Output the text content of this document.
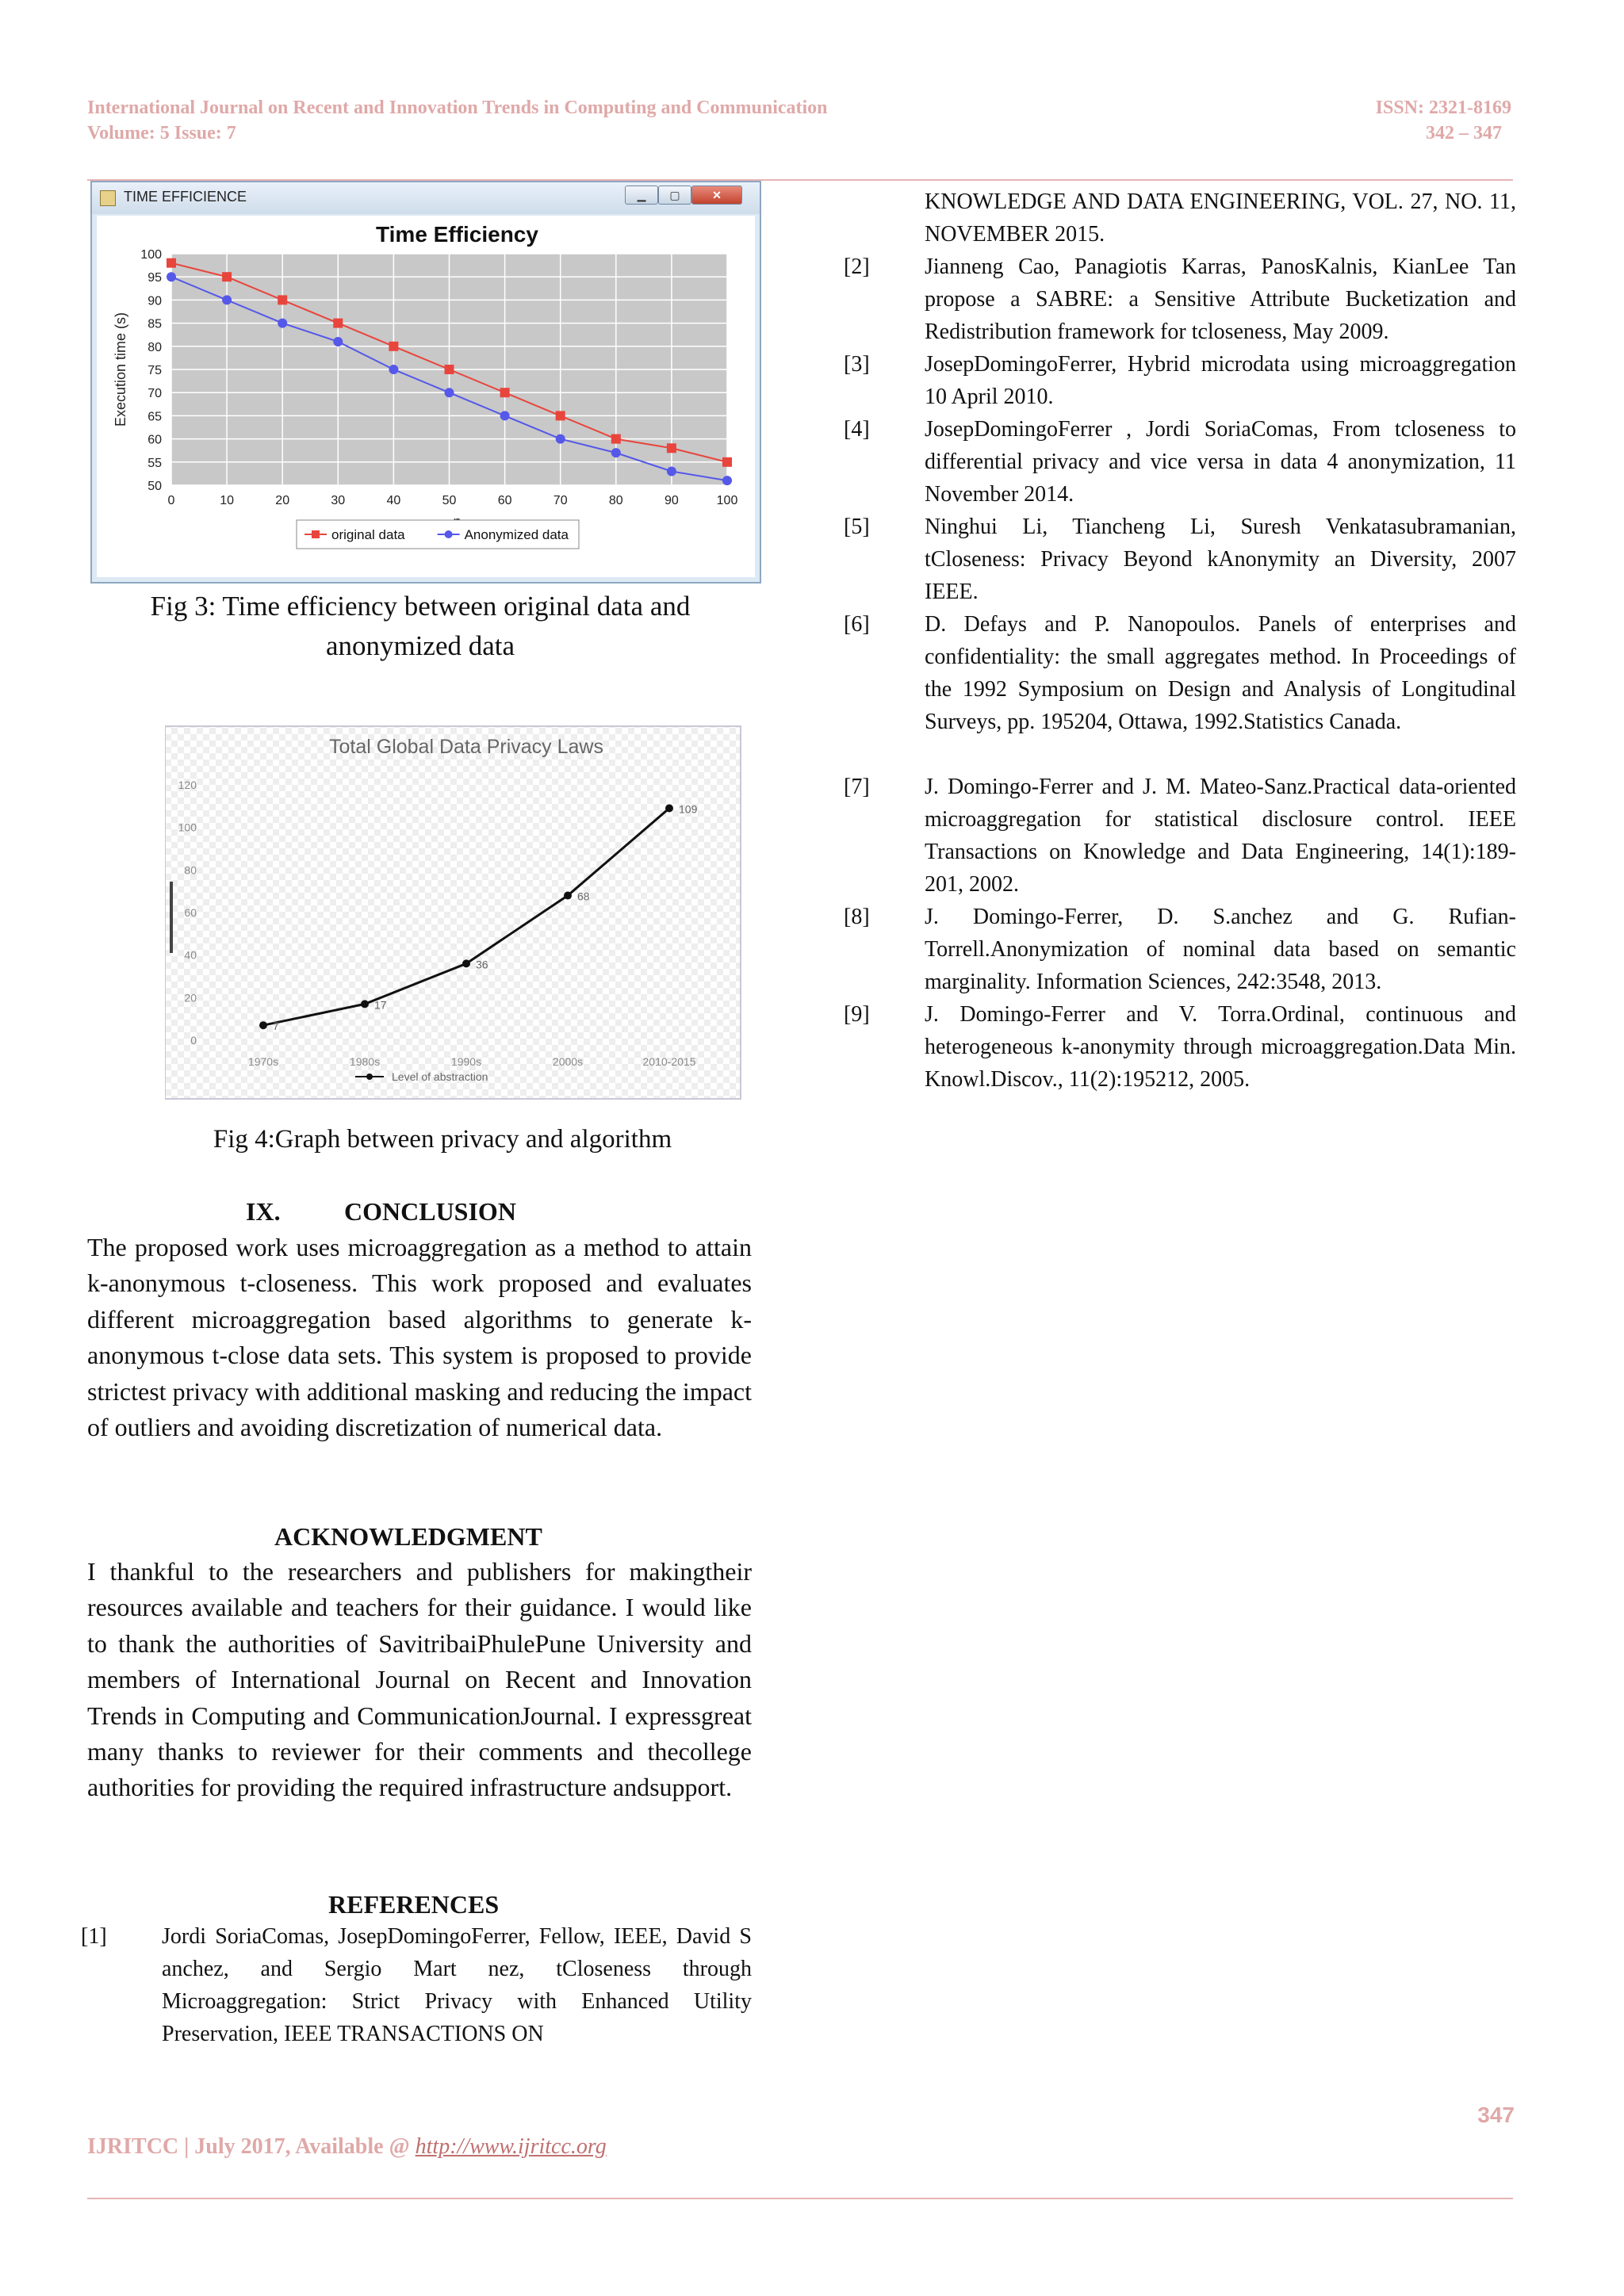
International Journal on Recent and Innovation Trends in Computing and Communication
Volume: 5 Issue: 7
ISSN: 2321-8169
342 – 347
TIME EFFICIENCE	▁	▢	✕
50
55
60
65
70
75
80
85
90
95
100
0	10	20	30	40	50	60	70	80	90	100
Time Efficiency
Execution time (s)
original data	Anonymized data
Fig 3: Time efficiency between original data and anonymized data
Total Global Data Privacy Laws
0
20
40
60
80
100
120
1970s	1980s	1990s	2000s	2010-2015
7
17
36
68
109
Level of abstraction
Fig 4:Graph between privacy and algorithm
IX.	CONCLUSION
The proposed work uses microaggregation as a method to attain k-anonymous t-closeness. This work proposed and evaluates different microaggregation based algorithms to generate k- anonymous t-close data sets. This system is proposed to provide strictest privacy with additional masking and reducing the impact of outliers and avoiding discretization of numerical data.
ACKNOWLEDGMENT
I thankful to the researchers and publishers for makingtheir resources available and teachers for their guidance. I would like to thank the authorities of SavitribaiPhulePune University and members of International Journal on Recent and Innovation Trends in Computing and CommunicationJournal. I expressgreat many thanks to reviewer for their comments and thecollege authorities for providing the required infrastructure andsupport.
REFERENCES
[1] Jordi SoriaComas, JosepDomingoFerrer, Fellow, IEEE, David S anchez, and Sergio Mart nez, tCloseness through Microaggregation: Strict Privacy with Enhanced Utility Preservation, IEEE TRANSACTIONS ON
KNOWLEDGE AND DATA ENGINEERING, VOL. 27, NO. 11, NOVEMBER 2015.
[2] Jianneng Cao, Panagiotis Karras, PanosKalnis, KianLee Tan propose a SABRE: a Sensitive Attribute Bucketization and Redistribution framework for tcloseness, May 2009.
[3] JosepDomingoFerrer, Hybrid microdata using microaggregation 10 April 2010.
[4] JosepDomingoFerrer , Jordi SoriaComas, From tcloseness to differential privacy and vice versa in data 4 anonymization, 11 November 2014.
[5] Ninghui Li, Tiancheng Li, Suresh Venkatasubramanian, tCloseness: Privacy Beyond kAnonymity an Diversity, 2007 IEEE.
[6] D. Defays and P. Nanopoulos. Panels of enterprises and confidentiality: the small aggregates method. In Proceedings of the 1992 Symposium on Design and Analysis of Longitudinal Surveys, pp. 195204, Ottawa, 1992.Statistics Canada.
[7] J. Domingo-Ferrer and J. M. Mateo-Sanz.Practical data-oriented microaggregation for statistical disclosure control. IEEE Transactions on Knowledge and Data Engineering, 14(1):189-201, 2002.
[8] J. Domingo-Ferrer, D. S.anchez and G. Rufian-Torrell.Anonymization of nominal data based on semantic marginality. Information Sciences, 242:3548, 2013.
[9] J. Domingo-Ferrer and V. Torra.Ordinal, continuous and heterogeneous k-anonymity through microaggregation.Data Min. Knowl.Discov., 11(2):195212, 2005.
347
IJRITCC | July 2017, Available @ http://www.ijritcc.org
